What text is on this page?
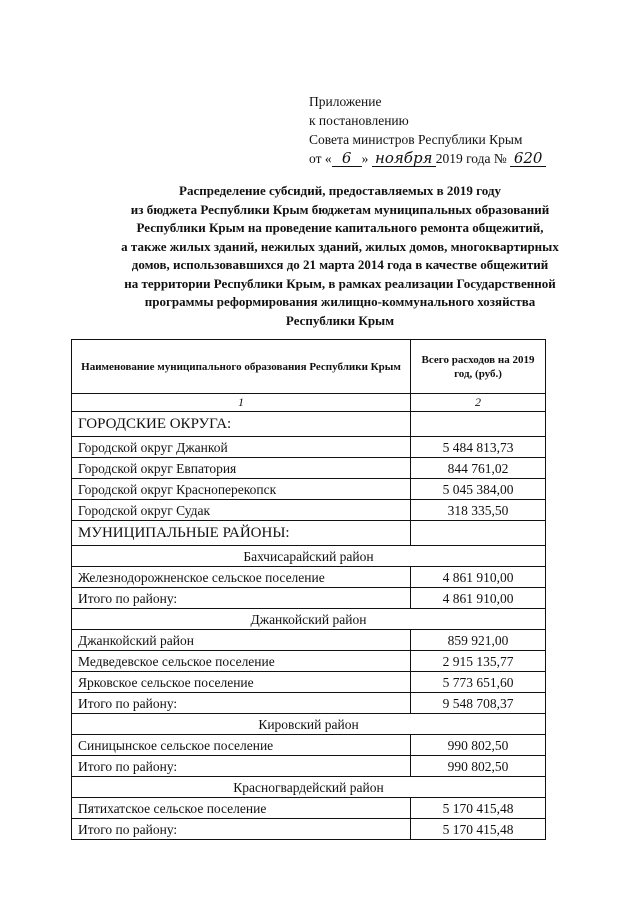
Приложение
к постановлению
Совета министров Республики Крым
от « 6 » ноября 2019 года № 620
Распределение субсидий, предоставляемых в 2019 году
из бюджета Республики Крым бюджетам муниципальных образований
Республики Крым на проведение капитального ремонта общежитий,
а также жилых зданий, нежилых зданий, жилых домов, многоквартирных
домов, использовавшихся до 21 марта 2014 года в качестве общежитий
на территории Республики Крым, в рамках реализации Государственной
программы реформирования жилищно-коммунального хозяйства
Республики Крым
Наименование муниципального образования Республики Крым	Всего расходов на 2019 год, (руб.)
1	2
ГОРОДСКИЕ ОКРУГА:	
Городской округ Джанкой	5 484 813,73
Городской округ Евпатория	844 761,02
Городской округ Красноперекопск	5 045 384,00
Городской округ Судак	318 335,50
МУНИЦИПАЛЬНЫЕ РАЙОНЫ:	
Бахчисарайский район	
Железнодорожненское сельское поселение	4 861 910,00
Итого по району:	4 861 910,00
Джанкойский район	
Джанкойский район	859 921,00
Медведевское сельское поселение	2 915 135,77
Ярковское сельское поселение	5 773 651,60
Итого по району:	9 548 708,37
Кировский район	
Синицынское сельское поселение	990 802,50
Итого по району:	990 802,50
Красногвардейский район	
Пятихатское сельское поселение	5 170 415,48
Итого по району:	5 170 415,48
